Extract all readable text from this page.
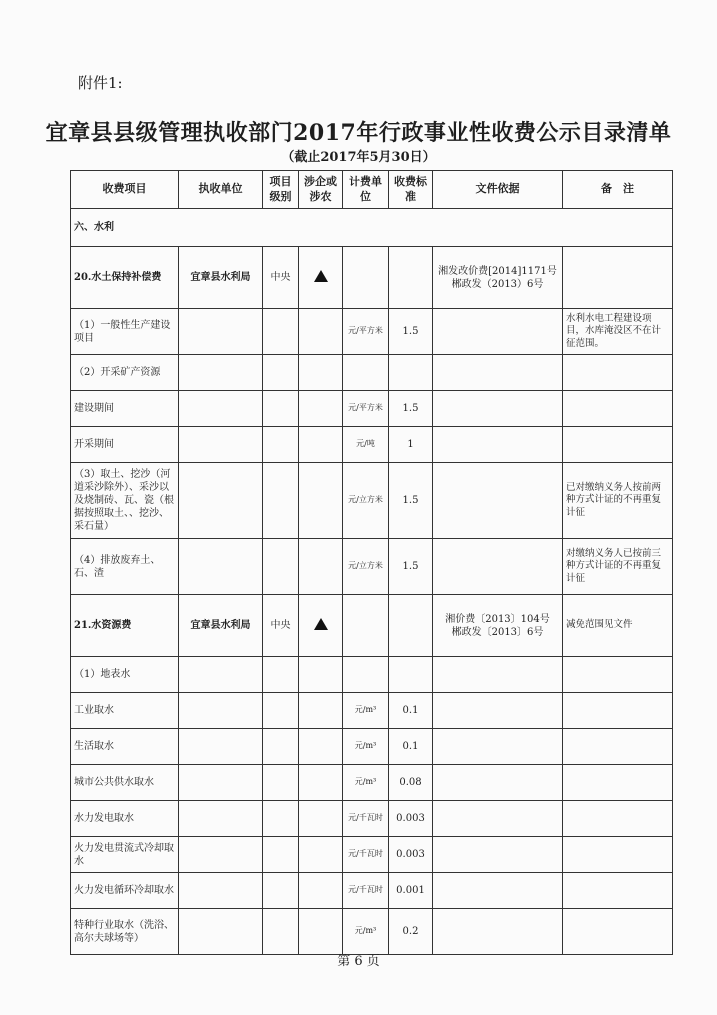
附件1:
宜章县县级管理执收部门2017年行政事业性收费公示目录清单
（截止2017年5月30日）
收费项目	执收单位	项目级别	涉企或涉农	计费单位	收费标准	文件依据	备　注
六、水利							
20.水土保持补偿费	宜章县水利局	中央				湘发改价费[2014]1171号
郴政发（2013）6号	
（1）一般性生产建设项目				元/平方米	1.5		水利水电工程建设项目，水库淹没区不在计征范围。
（2）开采矿产资源							
建设期间				元/平方米	1.5		
开采期间				元/吨	1		
（3）取土、挖沙（河道采沙除外）、采沙以及烧制砖、瓦、瓷（根据按照取土、、挖沙、采石量）				元/立方米	1.5		已对缴纳义务人按前两种方式计证的不再重复计征
（4）排放废弃土、石、渣				元/立方米	1.5		对缴纳义务人已按前三种方式计证的不再重复计征
21.水资源费	宜章县水利局	中央				湘价费〔2013〕104号
郴政发〔2013〕6号	减免范围见文件
（1）地表水							
工业取水				元/m³	0.1		
生活取水				元/m³	0.1		
城市公共供水取水				元/m³	0.08		
水力发电取水				元/千瓦时	0.003		
火力发电贯流式冷却取水				元/千瓦时	0.003		
火力发电循环冷却取水				元/千瓦时	0.001		
特种行业取水（洗浴、高尔夫球场等）				元/m³	0.2		
第 6 页
